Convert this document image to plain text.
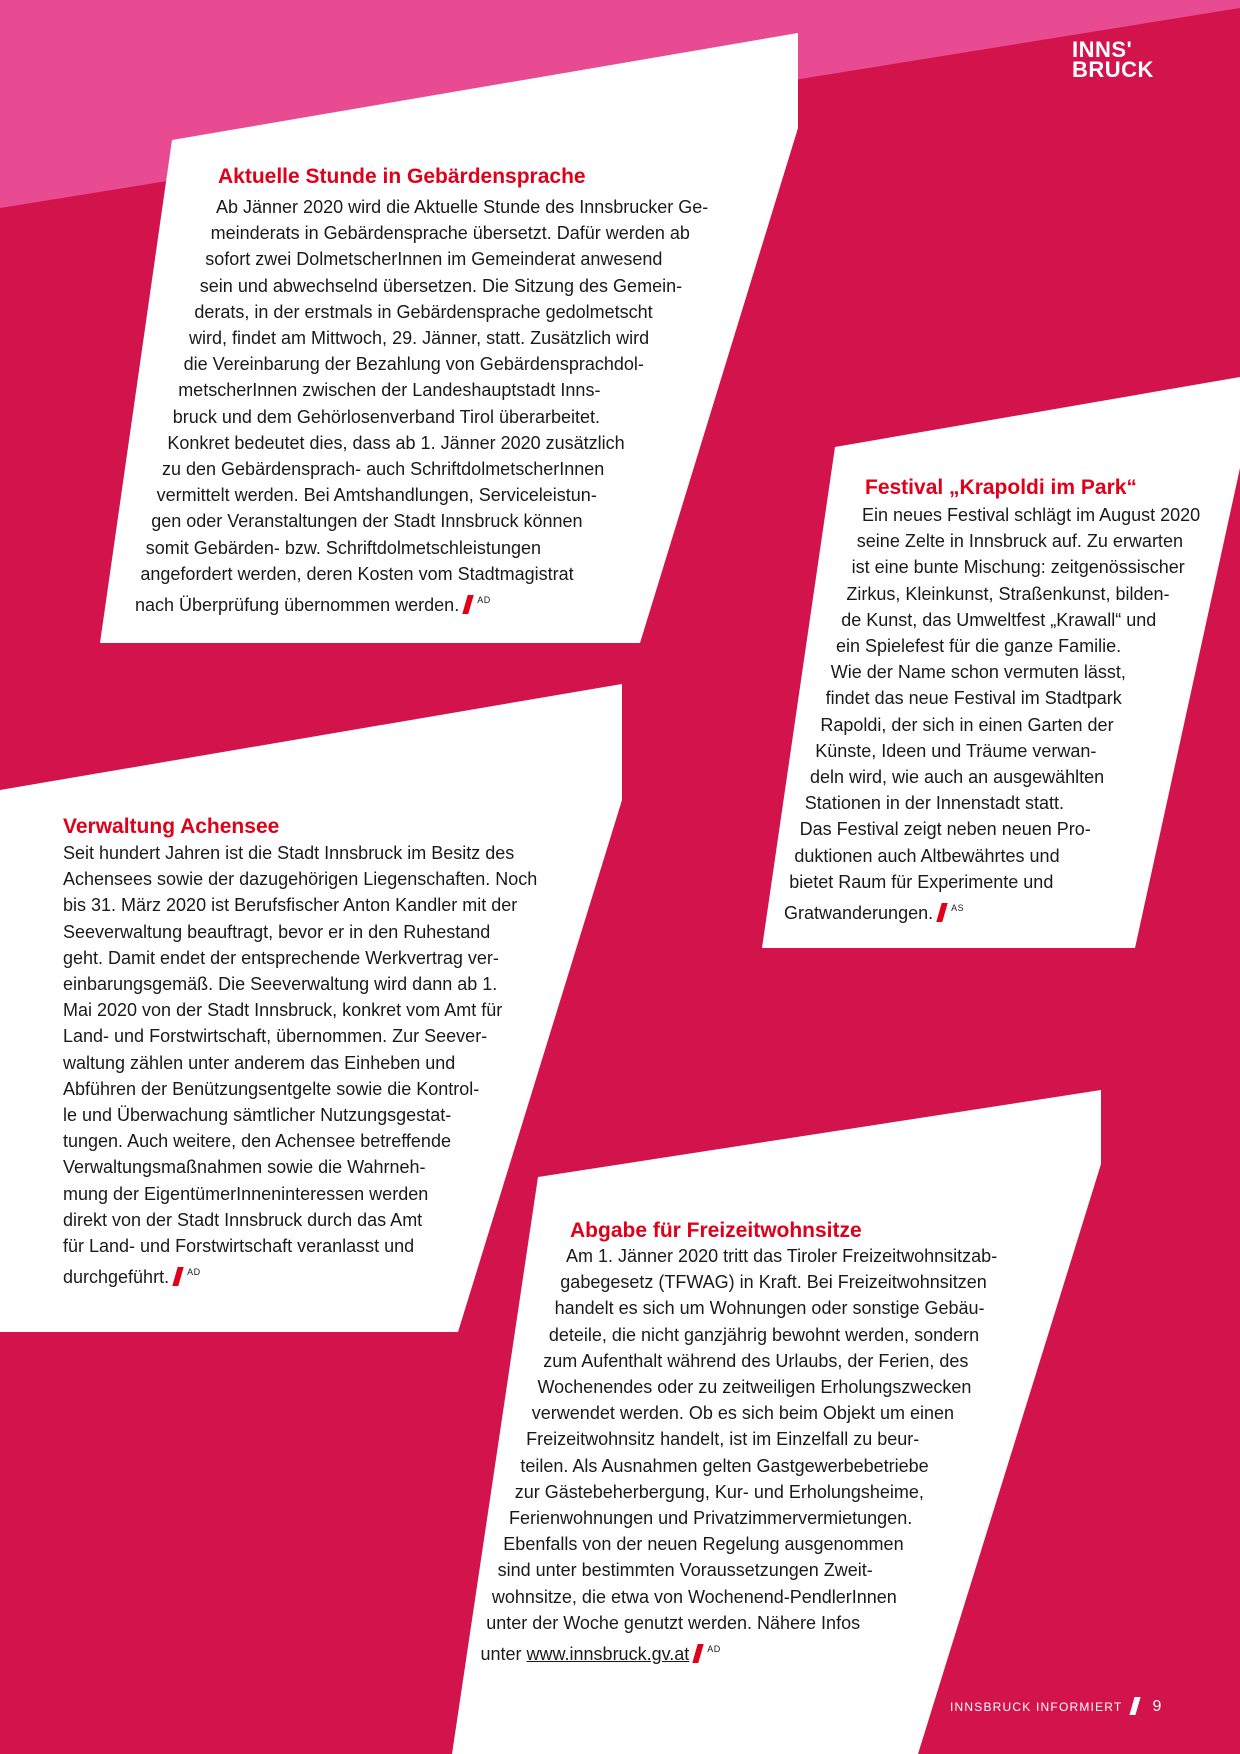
INNS'
BRUCK
Aktuelle Stunde in Gebärdensprache
Ab Jänner 2020 wird die Aktuelle Stunde des Innsbrucker Ge-
meinderats in Gebärdensprache übersetzt. Dafür werden ab
sofort zwei DolmetscherInnen im Gemeinderat anwesend
sein und abwechselnd übersetzen. Die Sitzung des Gemein-
derats, in der erstmals in Gebärdensprache gedolmetscht
wird, findet am Mittwoch, 29. Jänner, statt. Zusätzlich wird
die Vereinbarung der Bezahlung von Gebärdensprachdol-
metscherInnen zwischen der Landeshauptstadt Inns-
bruck und dem Gehörlosenverband Tirol überarbeitet.
Konkret bedeutet dies, dass ab 1. Jänner 2020 zusätzlich
zu den Gebärdensprach- auch SchriftdolmetscherInnen
vermittelt werden. Bei Amtshandlungen, Serviceleistun-
gen oder Veranstaltungen der Stadt Innsbruck können
somit Gebärden- bzw. Schriftdolmetschleistungen
angefordert werden, deren Kosten vom Stadtmagistrat
nach Überprüfung übernommen werden. $^{AD}$
Festival „Krapoldi im Park“
Ein neues Festival schlägt im August 2020
seine Zelte in Innsbruck auf. Zu erwarten
ist eine bunte Mischung: zeitgenössischer
Zirkus, Kleinkunst, Straßenkunst, bilden-
de Kunst, das Umweltfest „Krawall“ und
ein Spielefest für die ganze Familie.
Wie der Name schon vermuten lässt,
findet das neue Festival im Stadtpark
Rapoldi, der sich in einen Garten der
Künste, Ideen und Träume verwan-
deln wird, wie auch an ausgewählten
Stationen in der Innenstadt statt.
Das Festival zeigt neben neuen Pro-
duktionen auch Altbewährtes und
bietet Raum für Experimente und
Gratwanderungen. $^{AS}$
Verwaltung Achensee
Seit hundert Jahren ist die Stadt Innsbruck im Besitz des
Achensees sowie der dazugehörigen Liegenschaften. Noch
bis 31. März 2020 ist Berufsfischer Anton Kandler mit der
Seeverwaltung beauftragt, bevor er in den Ruhestand
geht. Damit endet der entsprechende Werkvertrag ver-
einbarungsgemäß. Die Seeverwaltung wird dann ab 1.
Mai 2020 von der Stadt Innsbruck, konkret vom Amt für
Land- und Forstwirtschaft, übernommen. Zur Seever-
waltung zählen unter anderem das Einheben und
Abführen der Benützungsentgelte sowie die Kontrol-
le und Überwachung sämtlicher Nutzungsgestat-
tungen. Auch weitere, den Achensee betreffende
Verwaltungsmaßnahmen sowie die Wahrneh-
mung der EigentümerInneninteressen werden
direkt von der Stadt Innsbruck durch das Amt
für Land- und Forstwirtschaft veranlasst und
durchgeführt. $^{AD}$
Abgabe für Freizeitwohnsitze
Am 1. Jänner 2020 tritt das Tiroler Freizeitwohnsitzab-
gabegesetz (TFWAG) in Kraft. Bei Freizeitwohnsitzen
handelt es sich um Wohnungen oder sonstige Gebäu-
deteile, die nicht ganzjährig bewohnt werden, sondern
zum Aufenthalt während des Urlaubs, der Ferien, des
Wochenendes oder zu zeitweiligen Erholungszwecken
verwendet werden. Ob es sich beim Objekt um einen
Freizeitwohnsitz handelt, ist im Einzelfall zu beur-
teilen. Als Ausnahmen gelten Gastgewerbebetriebe
zur Gästebeherbergung, Kur- und Erholungsheime,
Ferienwohnungen und Privatzimmervermietungen.
Ebenfalls von der neuen Regelung ausgenommen
sind unter bestimmten Voraussetzungen Zweit-
wohnsitze, die etwa von Wochenend-PendlerInnen
unter der Woche genutzt werden. Nähere Infos
unter www.innsbruck.gv.at $^{AD}$
INNSBRUCK INFORMIERT 9
